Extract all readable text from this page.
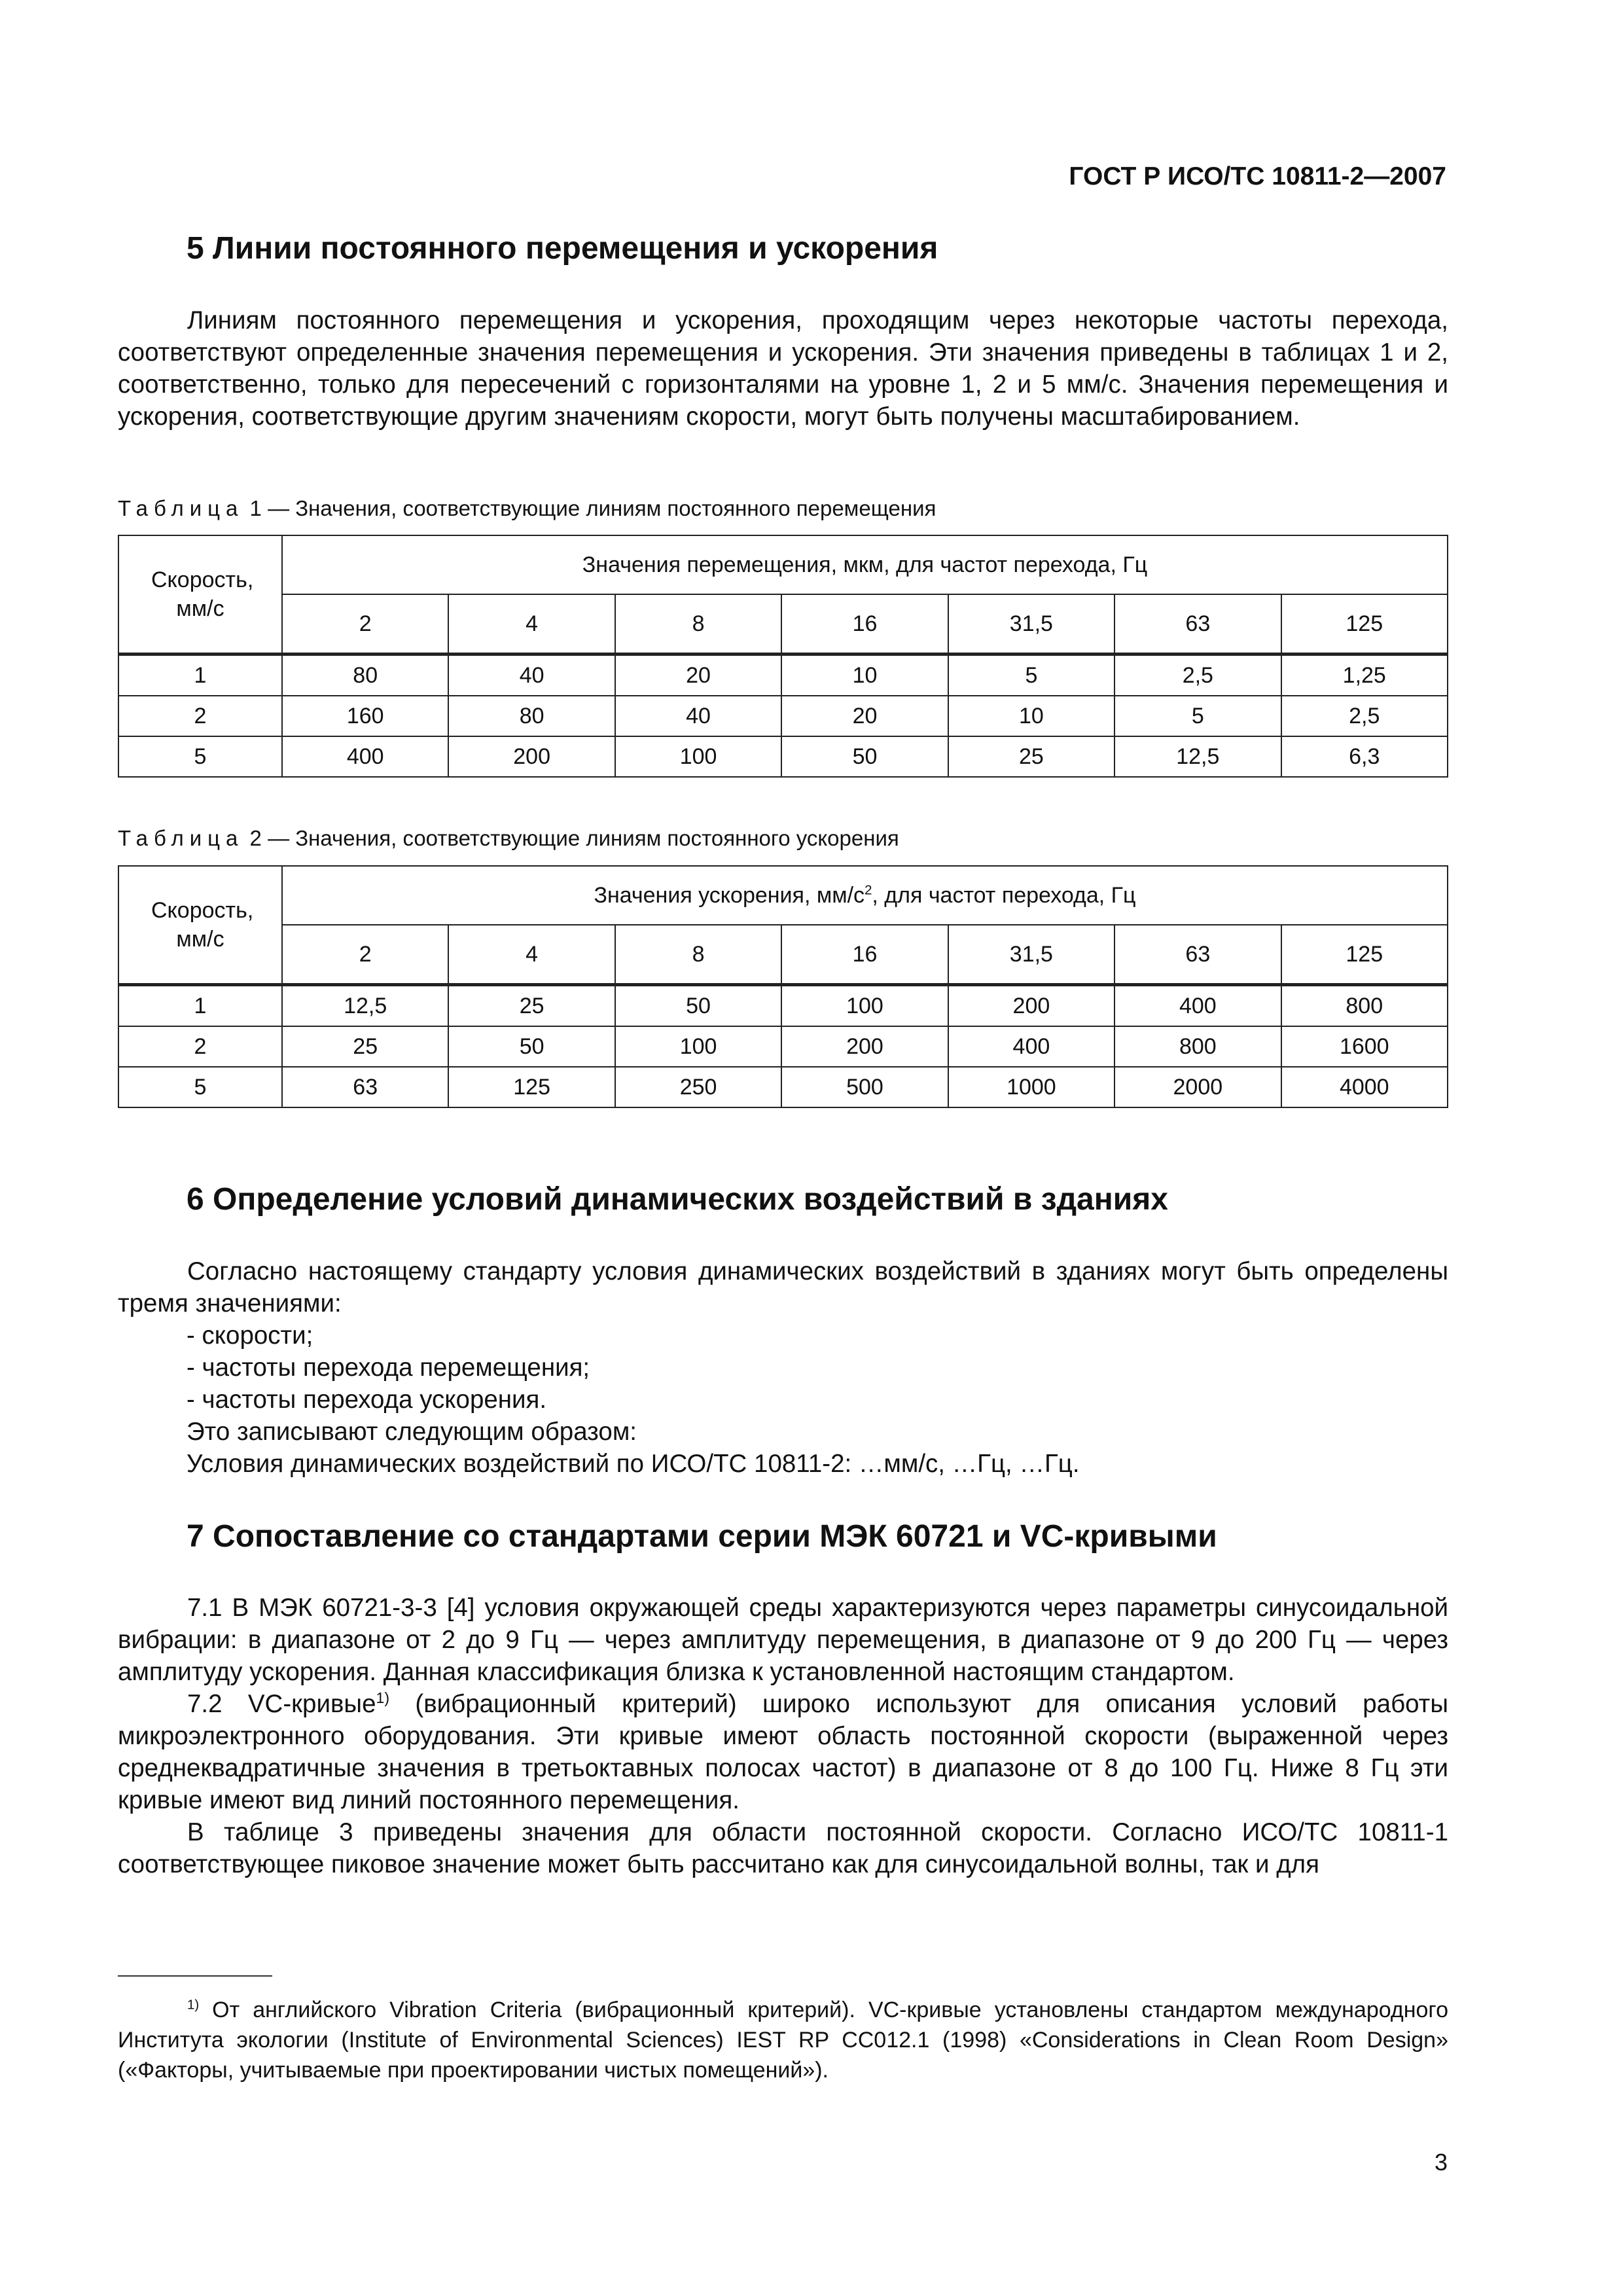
ГОСТ Р ИСО/ТС 10811-2—2007
5 Линии постоянного перемещения и ускорения

Линиям постоянного перемещения и ускорения, проходящим через некоторые частоты перехода, соответствуют определенные значения перемещения и ускорения. Эти значения приведены в таблицах 1 и 2, соответственно, только для пересечений с горизонталями на уровне 1, 2 и 5 мм/с. Значения перемещения и ускорения, соответствующие другим значениям скорости, могут быть получены масштабированием.

Таблица 1 — Значения, соответствующие линиям постоянного перемещения
Скорость, мм/с	Значения перемещения, мкм, для частот перехода, Гц						
	2	4	8	16	31,5	63	125
1	80	40	20	10	5	2,5	1,25
2	160	80	40	20	10	5	2,5
5	400	200	100	50	25	12,5	6,3
Таблица 2 — Значения, соответствующие линиям постоянного ускорения
Скорость, мм/с	Значения ускорения, $мм/с^2$, для частот перехода, Гц						
	2	4	8	16	31,5	63	125
1	12,5	25	50	100	200	400	800
2	25	50	100	200	400	800	1600
5	63	125	250	500	1000	2000	4000
6 Определение условий динамических воздействий в зданиях

Согласно настоящему стандарту условия динамических воздействий в зданиях могут быть определены тремя значениями:

- скорости;
- частоты перехода перемещения;
- частоты перехода ускорения.
Это записывают следующим образом:
Условия динамических воздействий по ИСО/ТС 10811-2: …мм/с, …Гц, …Гц.
7 Сопоставление со стандартами серии МЭК 60721 и VC-кривыми

7.1 В МЭК 60721-3-3 [4] условия окружающей среды характеризуются через параметры синусоидальной вибрации: в диапазоне от 2 до 9 Гц — через амплитуду перемещения, в диапазоне от 9 до 200 Гц — через амплитуду ускорения. Данная классификация близка к установленной настоящим стандартом.

7.2 VC-кривые$^{1)}$ (вибрационный критерий) широко используют для описания условий работы микроэлектронного оборудования. Эти кривые имеют область постоянной скорости (выраженной через среднеквадратичные значения в третьоктавных полосах частот) в диапазоне от 8 до 100 Гц. Ниже 8 Гц эти кривые имеют вид линий постоянного перемещения.

В таблице 3 приведены значения для области постоянной скорости. Согласно ИСО/ТС 10811-1 соответствующее пиковое значение может быть рассчитано как для синусоидальной волны, так и для

$^{1)}$ От английского Vibration Criteria (вибрационный критерий). VC-кривые установлены стандартом международного Института экологии (Institute of Environmental Sciences) IEST RP CC012.1 (1998) «Considerations in Clean Room Design» («Факторы, учитываемые при проектировании чистых помещений»).
3
